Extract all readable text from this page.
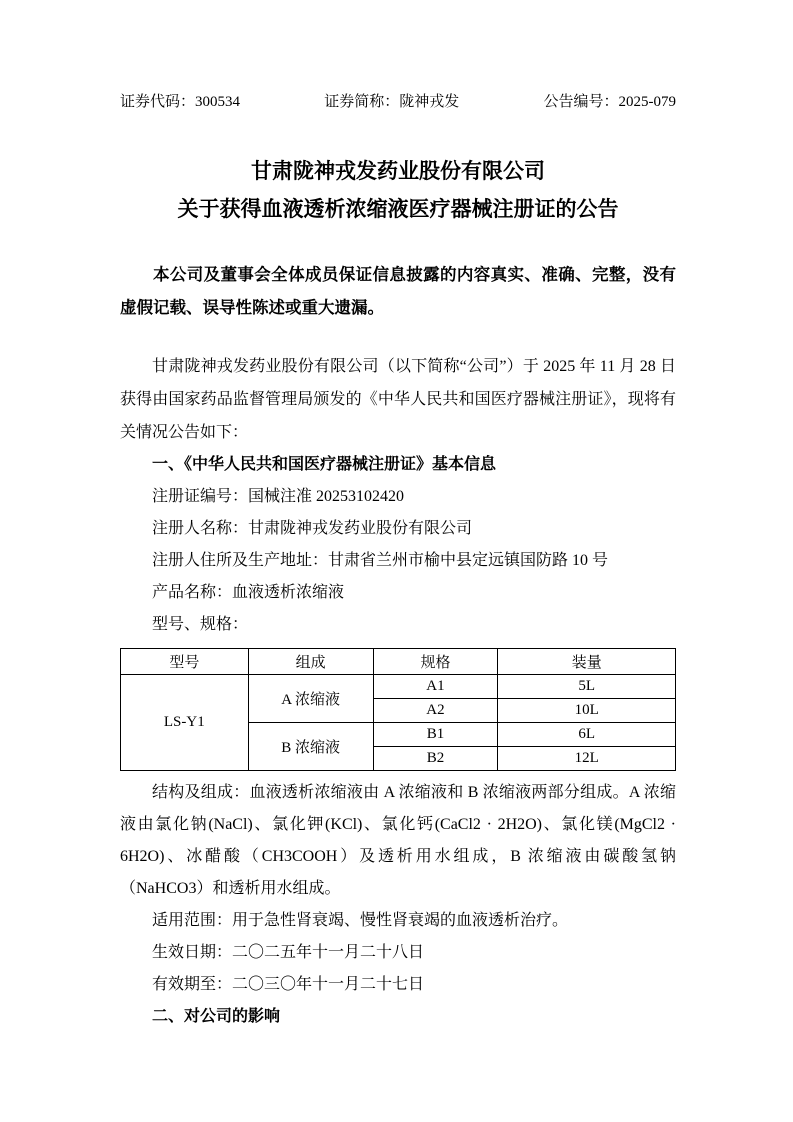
证券代码：300534	证券简称：陇神戎发	公告编号：2025-079
甘肃陇神戎发药业股份有限公司
关于获得血液透析浓缩液医疗器械注册证的公告

本公司及董事会全体成员保证信息披露的内容真实、准确、完整，没有虚假记载、误导性陈述或重大遗漏。

甘肃陇神戎发药业股份有限公司（以下简称“公司”）于 2025 年 11 月 28 日获得由国家药品监督管理局颁发的《中华人民共和国医疗器械注册证》，现将有关情况公告如下：

一、《中华人民共和国医疗器械注册证》基本信息

注册证编号：国械注准 20253102420

注册人名称：甘肃陇神戎发药业股份有限公司

注册人住所及生产地址：甘肃省兰州市榆中县定远镇国防路 10 号

产品名称：血液透析浓缩液

型号、规格：

型号	组成	规格	装量
LS-Y1	A 浓缩液	A1	5L
		A2	10L
	B 浓缩液	B1	6L
		B2	12L

结构及组成：血液透析浓缩液由 A 浓缩液和 B 浓缩液两部分组成。A 浓缩液由氯化钠(NaCl)、氯化钾(KCl)、氯化钙(CaCl2 · 2H2O)、氯化镁(MgCl2 · 6H2O)、冰醋酸（CH3COOH）及透析用水组成，B 浓缩液由碳酸氢钠（NaHCO3）和透析用水组成。

适用范围：用于急性肾衰竭、慢性肾衰竭的血液透析治疗。

生效日期：二〇二五年十一月二十八日

有效期至：二〇三〇年十一月二十七日

二、对公司的影响
